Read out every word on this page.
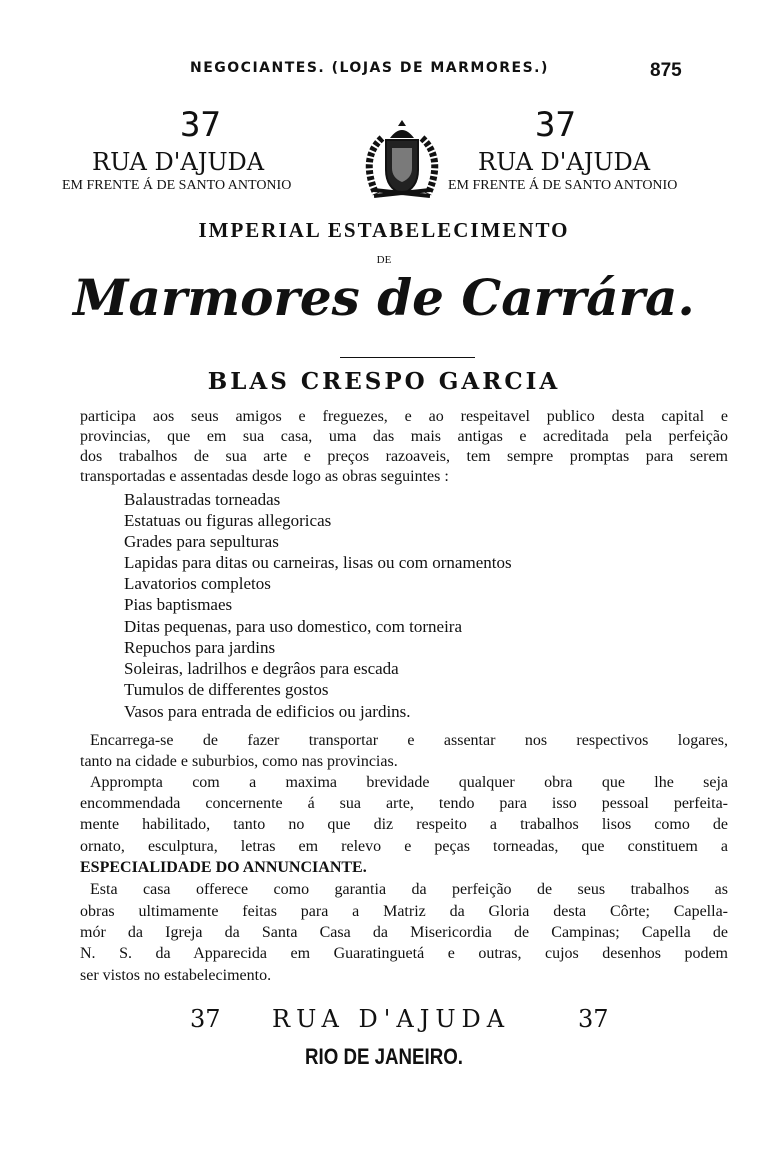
NEGOCIANTES. (LOJAS DE MARMORES.)	875
37
RUA D'AJUDA
EM FRENTE Á DE SANTO ANTONIO
37
RUA D'AJUDA
EM FRENTE Á DE SANTO ANTONIO
IMPERIAL ESTABELECIMENTO
DE
Marmores de Carrára.
BLAS CRESPO GARCIA
participa aos seus amigos e freguezes, e ao respeitavel publico desta capital e
provincias, que em sua casa, uma das mais antigas e acreditada pela perfeição
dos trabalhos de sua arte e preços razoaveis, tem sempre promptas para serem
transportadas e assentadas desde logo as obras seguintes :
Balaustradas torneadas
Estatuas ou figuras allegoricas
Grades para sepulturas
Lapidas para ditas ou carneiras, lisas ou com ornamentos
Lavatorios completos
Pias baptismaes
Ditas pequenas, para uso domestico, com torneira
Repuchos para jardins
Soleiras, ladrilhos e degrâos para escada
Tumulos de differentes gostos
Vasos para entrada de edificios ou jardins.
Encarrega-se de fazer transportar e assentar nos respectivos logares,
tanto na cidade e suburbios, como nas provincias.
Apprompta com a maxima brevidade qualquer obra que lhe seja
encommendada concernente á sua arte, tendo para isso pessoal perfeita-
mente habilitado, tanto no que diz respeito a trabalhos lisos como de
ornato, esculptura, letras em relevo e peças torneadas, que constituem a
ESPECIALIDADE DO ANNUNCIANTE.
Esta casa offerece como garantia da perfeição de seus trabalhos as
obras ultimamente feitas para a Matriz da Gloria desta Côrte; Capella-
mór da Igreja da Santa Casa da Misericordia de Campinas; Capella de
N. S. da Apparecida em Guaratinguetá e outras, cujos desenhos podem
ser vistos no estabelecimento.
37 RUA D'AJUDA	37
RIO DE JANEIRO.
